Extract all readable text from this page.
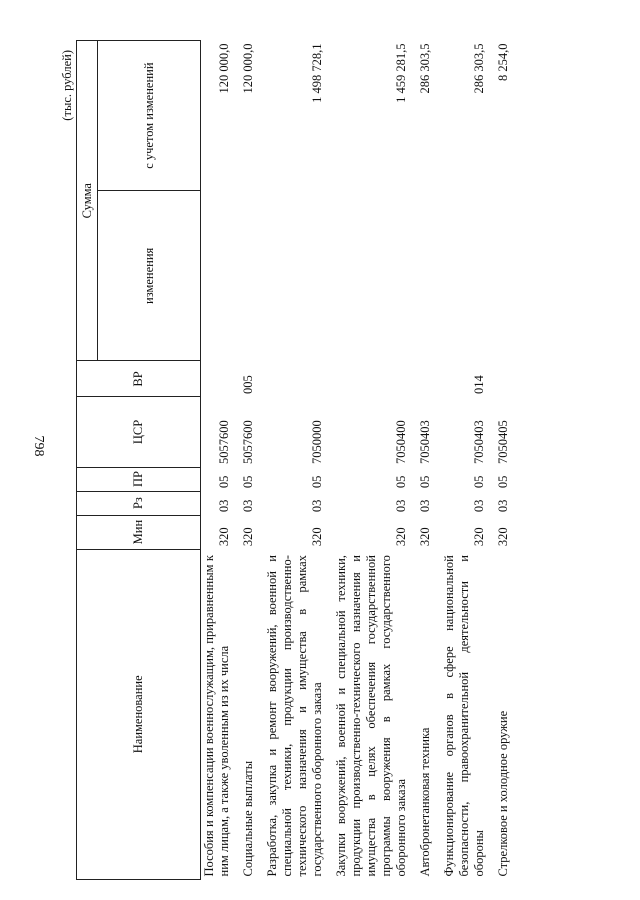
798
(тыс. рублей)
Наименование	Мин	Рз	ПР	ЦСР	ВР	Сумма	
						изменения	с учетом изменений
Пособия и компенсации военнослужащим, приравненным к ним лицам, а также уволенным из их числа	320	03	05	5057600			120 000,0
Социальные выплаты	320	03	05	5057600	005		120 000,0
Разработка, закупка и ремонт вооружений, военной и специальной техники, продукции производственно-технического назначения и имущества в рамках государственного оборонного заказа	320	03	05	7050000			1 498 728,1
Закупки вооружений, военной и специальной техники, продукции производственно-технического назначения и имущества в целях обеспечения государственной программы вооружения в рамках государственного оборонного заказа	320	03	05	7050400			1 459 281,5
Автобронетанковая техника	320	03	05	7050403			286 303,5
Функционирование органов в сфере национальной безопасности, правоохранительной деятельности и обороны	320	03	05	7050403	014		286 303,5
Стрелковое и холодное оружие	320	03	05	7050405			8 254,0
